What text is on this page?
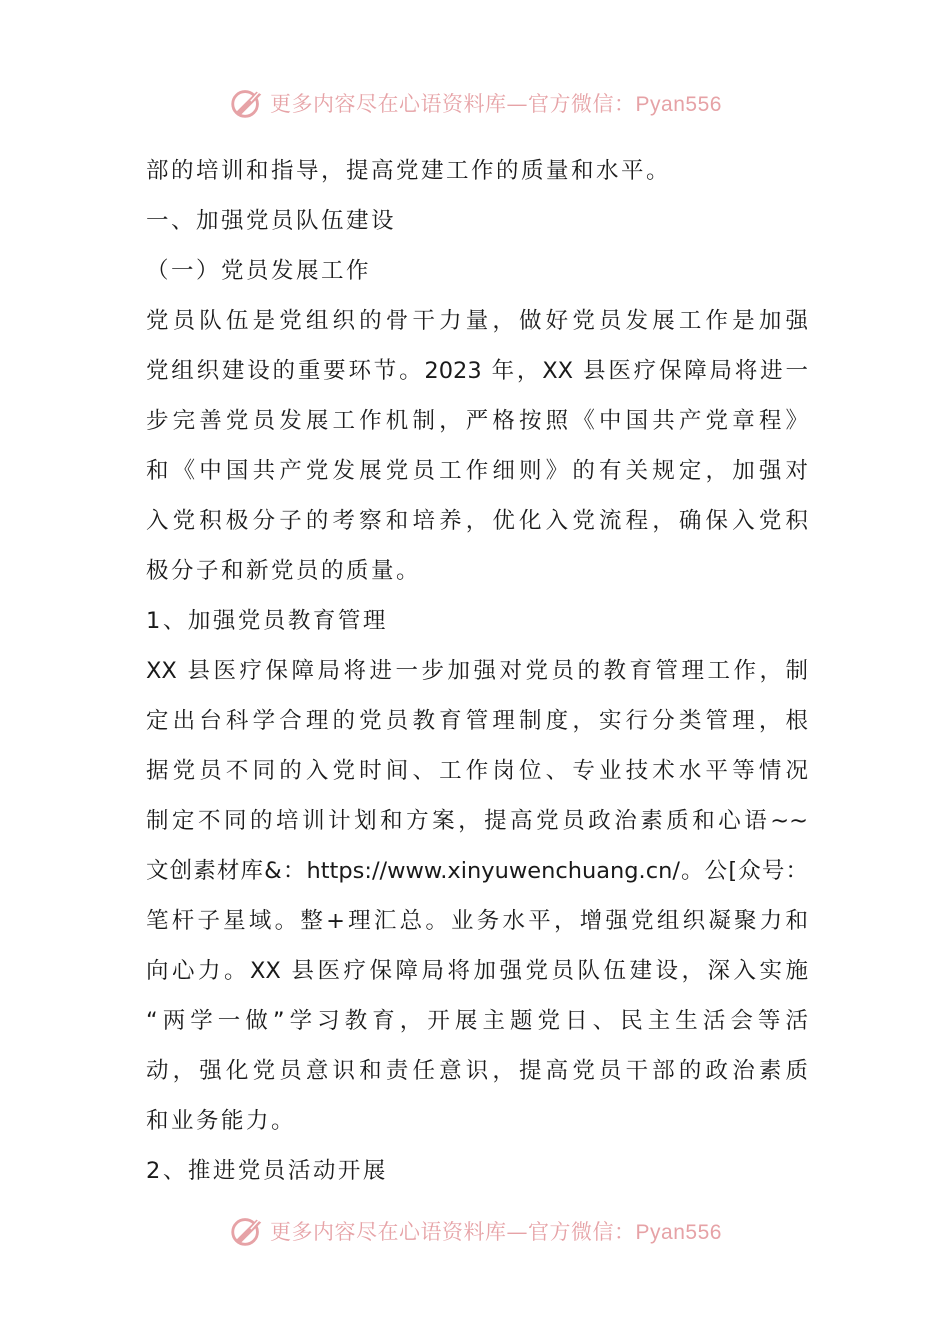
更多内容尽在心语资料库—官方微信：Pyan556
部的培训和指导，提高党建工作的质量和水平。
一、加强党员队伍建设
（一）党员发展工作
党员队伍是党组织的骨干力量，做好党员发展工作是加强
党组织建设的重要环节。2023 年，XX 县医疗保障局将进一
步完善党员发展工作机制，严格按照《中国共产党章程》
和《中国共产党发展党员工作细则》的有关规定，加强对
入党积极分子的考察和培养，优化入党流程，确保入党积
极分子和新党员的质量。
1、加强党员教育管理
XX 县医疗保障局将进一步加强对党员的教育管理工作，制
定出台科学合理的党员教育管理制度，实行分类管理，根
据党员不同的入党时间、工作岗位、专业技术水平等情况
制定不同的培训计划和方案，提高党员政治素质和心语~~
文创素材库&：https://www.xinyuwenchuang.cn/。公[众号：
笔杆子星域。整+理汇总。业务水平，增强党组织凝聚力和
向心力。XX 县医疗保障局将加强党员队伍建设，深入实施
“两学一做”学习教育，开展主题党日、民主生活会等活
动，强化党员意识和责任意识，提高党员干部的政治素质
和业务能力。
2、推进党员活动开展
更多内容尽在心语资料库—官方微信：Pyan556
